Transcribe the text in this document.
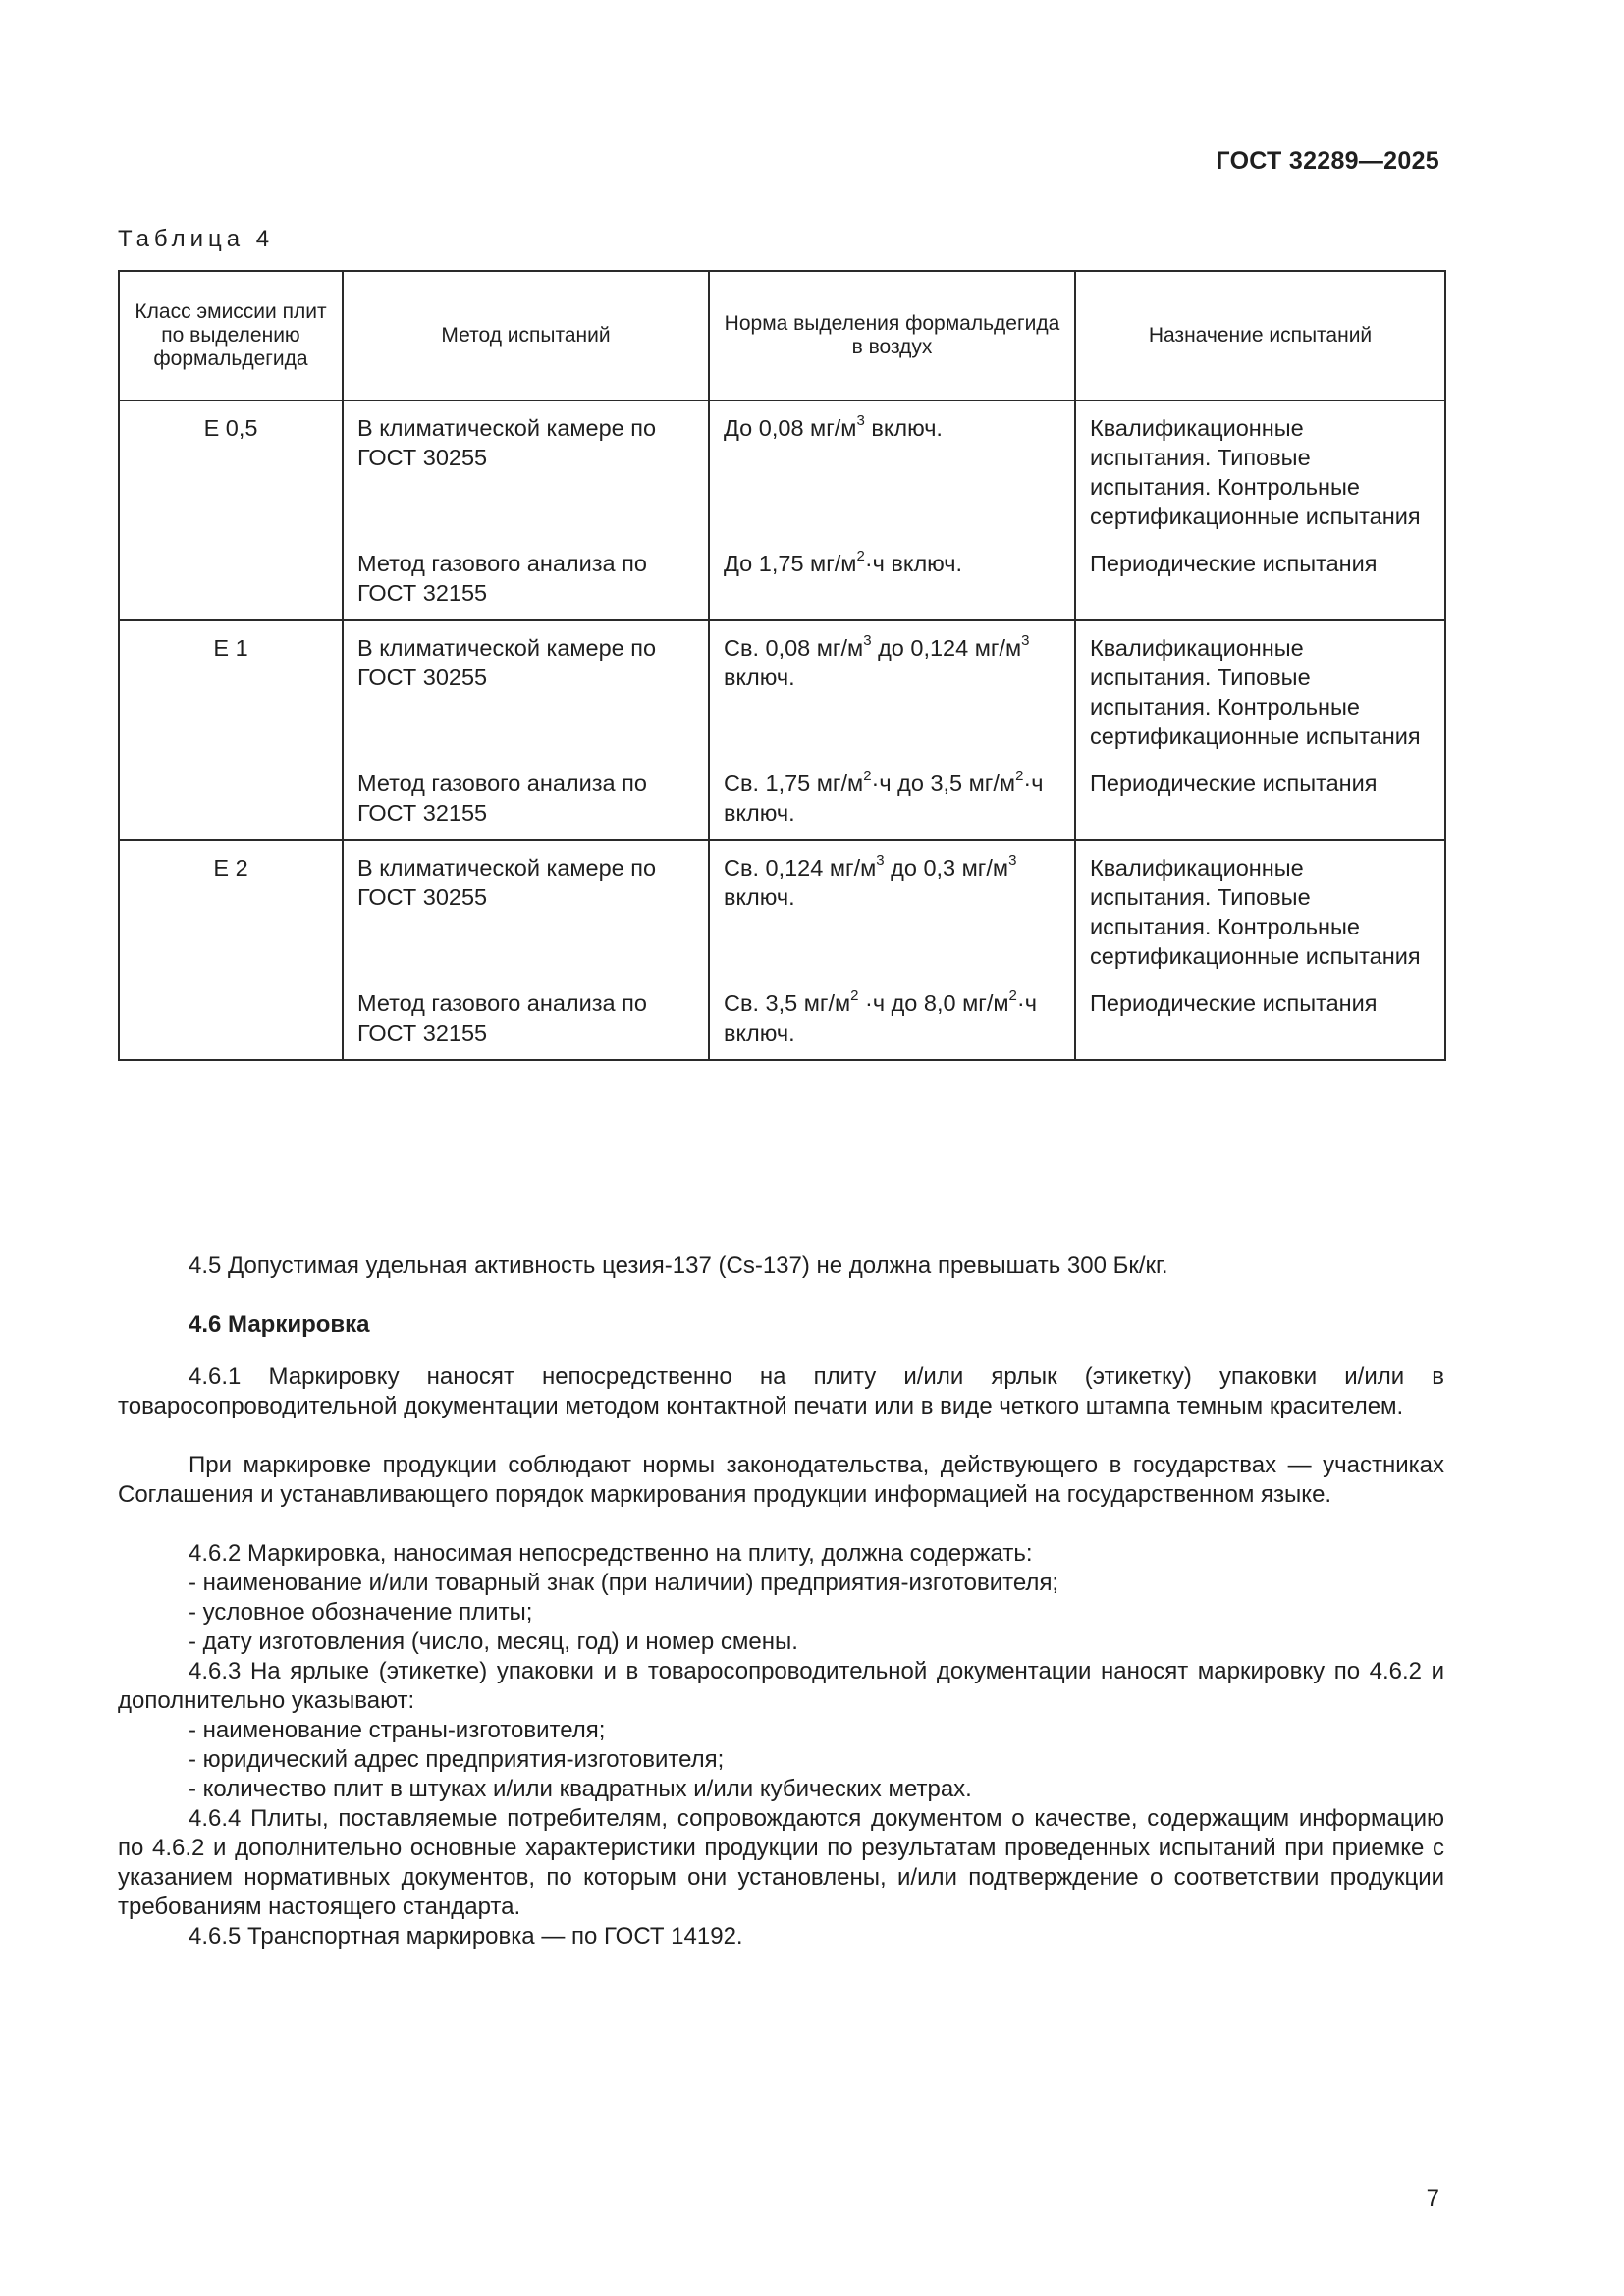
ГОСТ 32289—2025
Таблица 4
Класс эмиссии плит по выделению формальдегида	Метод испытаний	Норма выделения формальдегида в воздух	Назначение испытаний
Е 0,5	В климатической камере по ГОСТ 30255	До 0,08 $мг/м^3$ включ.	Квалификационные испытания. Типовые испытания. Контрольные сертификационные испытания
	Метод газового анализа по ГОСТ 32155	До 1,75 $мг/м^2\cdot ч$ включ.	Периодические испытания
Е 1	В климатической камере по ГОСТ 30255	Св. 0,08 $мг/м^3$ до 0,124 $мг/м^3$ включ.	Квалификационные испытания. Типовые испытания. Контрольные сертификационные испытания
	Метод газового анализа по ГОСТ 32155	Св. 1,75 $мг/м^2\cdot ч$ до 3,5 $мг/м^2\cdot ч$ включ.	Периодические испытания
Е 2	В климатической камере по ГОСТ 30255	Св. 0,124 $мг/м^3$ до 0,3 $мг/м^3$ включ.	Квалификационные испытания. Типовые испытания. Контрольные сертификационные испытания
	Метод газового анализа по ГОСТ 32155	Св. 3,5 $мг/м^2 \cdot ч$ до 8,0 $мг/м^2\cdot ч$ включ.	Периодические испытания
4.5 Допустимая удельная активность цезия-137 (Cs-137) не должна превышать 300 Бк/кг.
4.6 Маркировка
4.6.1 Маркировку наносят непосредственно на плиту и/или ярлык (этикетку) упаковки и/или в товаросопроводительной документации методом контактной печати или в виде четкого штампа темным красителем.
При маркировке продукции соблюдают нормы законодательства, действующего в государствах — участниках Соглашения и устанавливающего порядок маркирования продукции информацией на государственном языке.
4.6.2 Маркировка, наносимая непосредственно на плиту, должна содержать:
- наименование и/или товарный знак (при наличии) предприятия-изготовителя;
- условное обозначение плиты;
- дату изготовления (число, месяц, год) и номер смены.
4.6.3 На ярлыке (этикетке) упаковки и в товаросопроводительной документации наносят маркировку по 4.6.2 и дополнительно указывают:
- наименование страны-изготовителя;
- юридический адрес предприятия-изготовителя;
- количество плит в штуках и/или квадратных и/или кубических метрах.
4.6.4 Плиты, поставляемые потребителям, сопровождаются документом о качестве, содержащим информацию по 4.6.2 и дополнительно основные характеристики продукции по результатам проведенных испытаний при приемке с указанием нормативных документов, по которым они установлены, и/или подтверждение о соответствии продукции требованиям настоящего стандарта.
4.6.5 Транспортная маркировка — по ГОСТ 14192.
7
